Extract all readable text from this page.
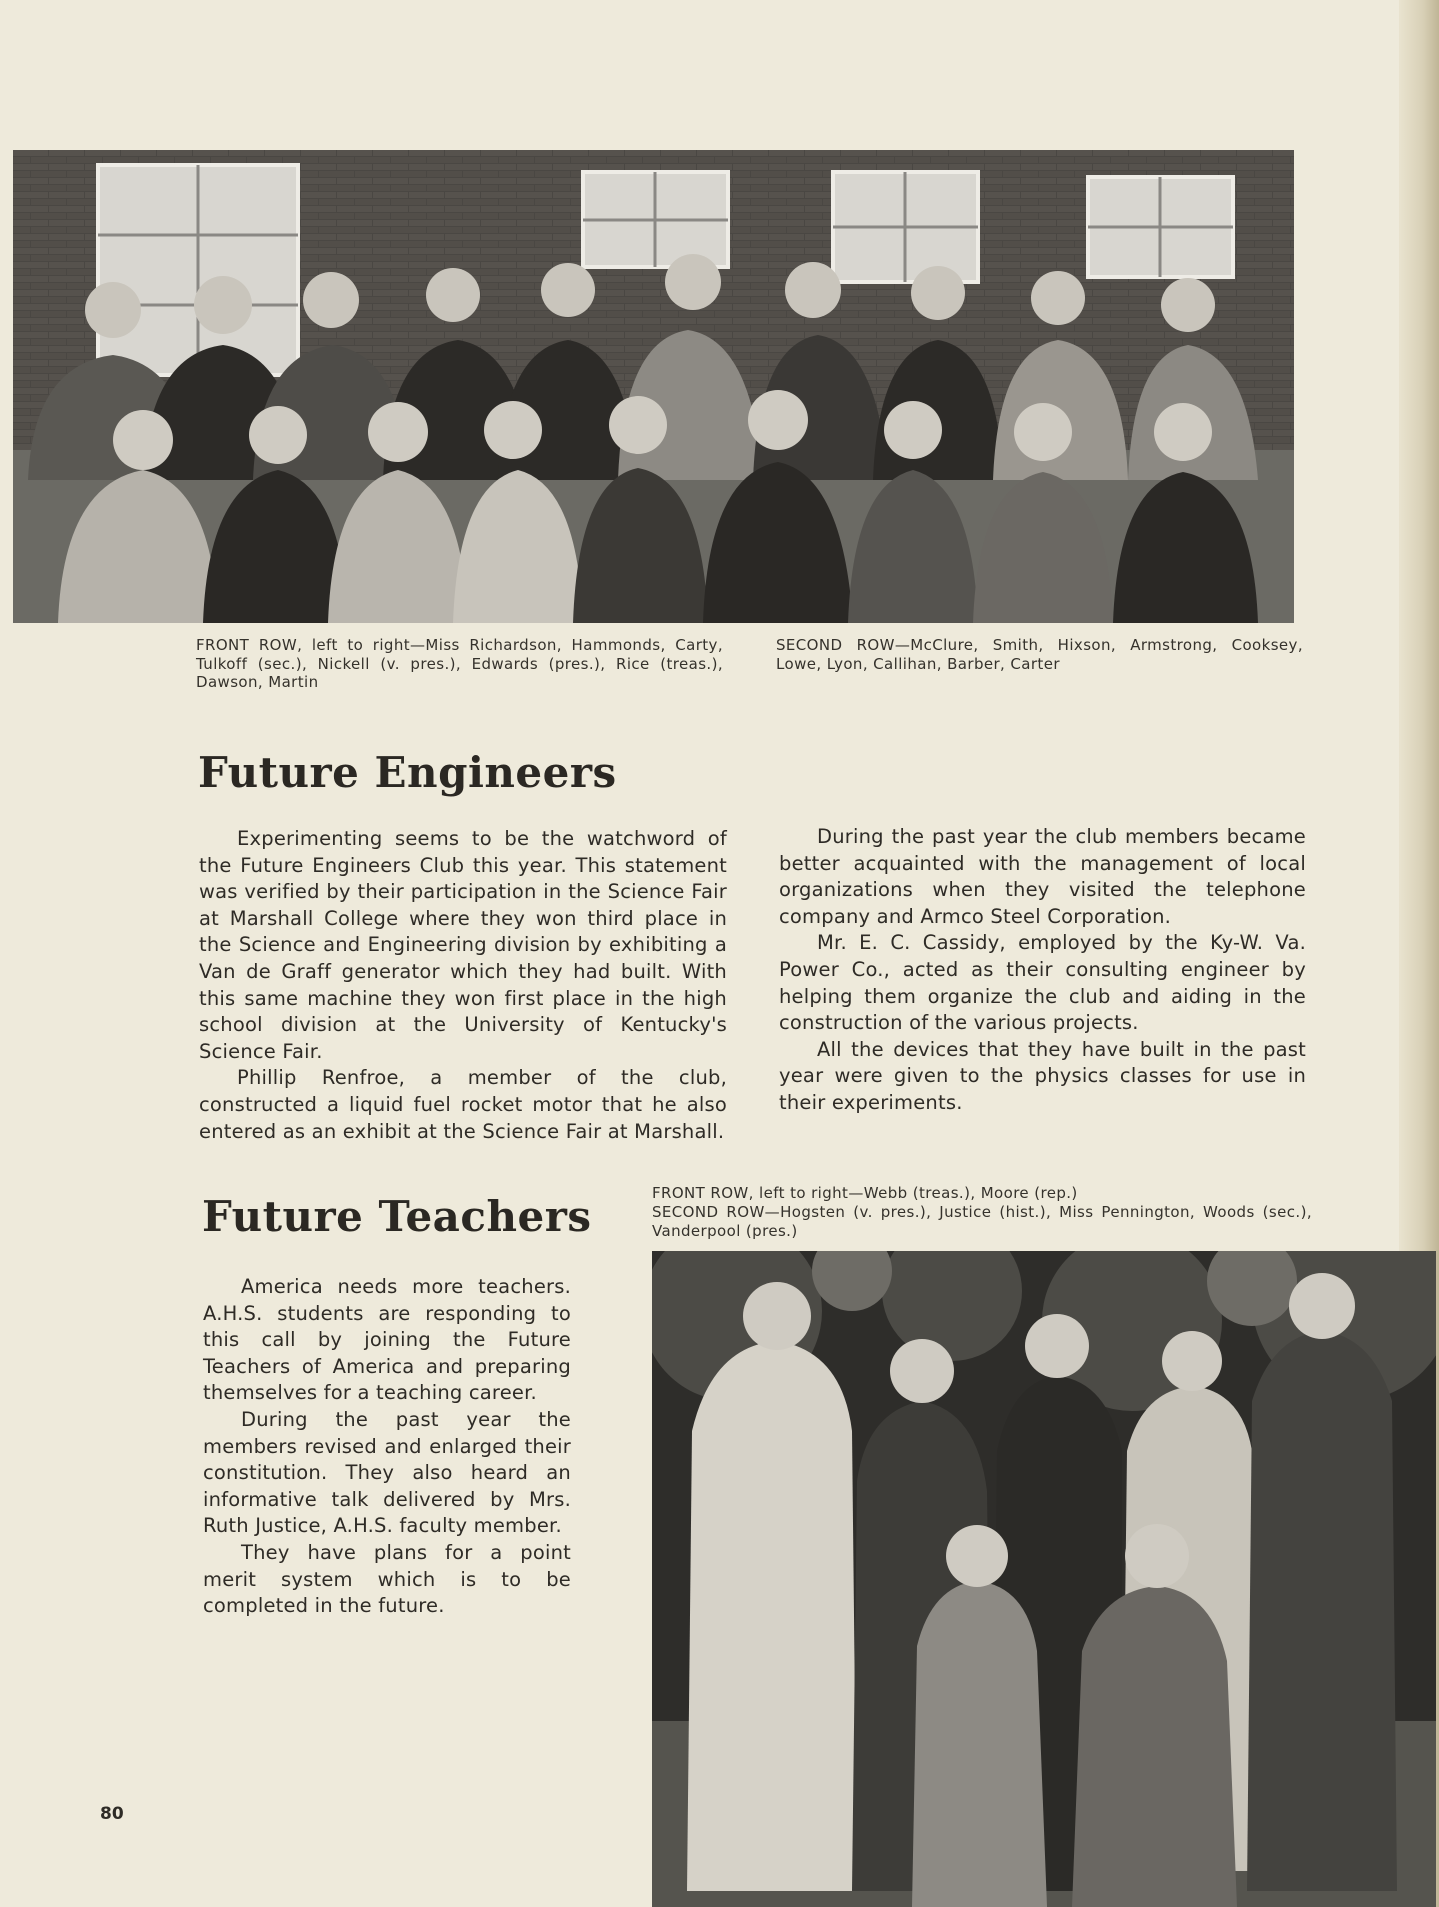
FRONT ROW, left to right—Miss Richardson, Hammonds, Carty, Tulkoff (sec.), Nickell (v. pres.), Edwards (pres.), Rice (treas.), Dawson, Martin
SECOND ROW—McClure, Smith, Hixson, Armstrong, Cooksey, Lowe, Lyon, Callihan, Barber, Carter
Future Engineers

Experimenting seems to be the watchword of the Future Engineers Club this year. This statement was verified by their participation in the Science Fair at Marshall College where they won third place in the Science and Engineering division by exhibiting a Van de Graff generator which they had built. With this same machine they won first place in the high school division at the University of Kentucky's Science Fair.

Phillip Renfroe, a member of the club, constructed a liquid fuel rocket motor that he also entered as an exhibit at the Science Fair at Marshall.

During the past year the club members became better acquainted with the management of local organizations when they visited the telephone company and Armco Steel Corporation.

Mr. E. C. Cassidy, employed by the Ky-W. Va. Power Co., acted as their consulting engineer by helping them organize the club and aiding in the construction of the various projects.

All the devices that they have built in the past year were given to the physics classes for use in their experiments.

Future Teachers	FRONT ROW, left to right—Webb (treas.), Moore (rep.)
SECOND ROW—Hogsten (v. pres.), Justice (hist.), Miss Pennington, Woods (sec.), Vanderpool (pres.)

America needs more teachers. A.H.S. students are responding to this call by joining the Future Teachers of America and preparing themselves for a teaching career.

During the past year the members revised and enlarged their constitution. They also heard an informative talk delivered by Mrs. Ruth Justice, A.H.S. faculty member.

They have plans for a point merit system which is to be completed in the future.

80
